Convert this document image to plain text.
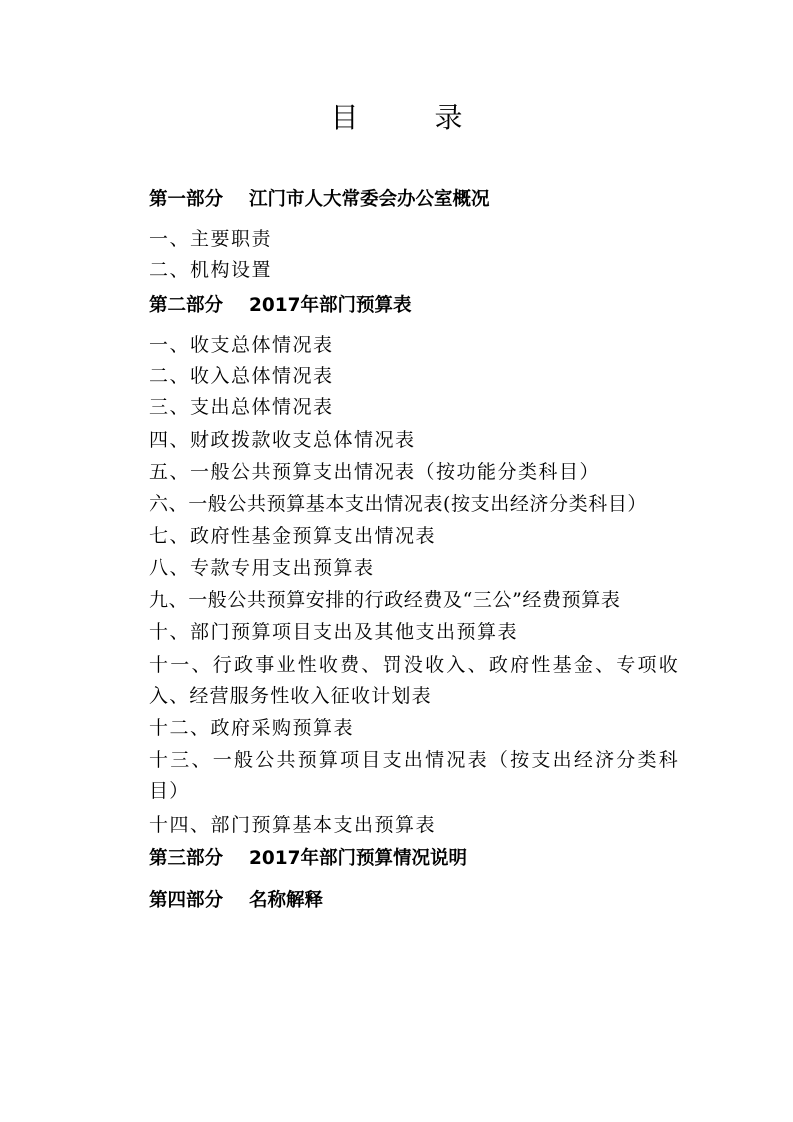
目　录
第一部分 江门市人大常委会办公室概况
一、主要职责
二、机构设置
第二部分 2017年部门预算表
一、收支总体情况表
二、收入总体情况表
三、支出总体情况表
四、财政拨款收支总体情况表
五、一般公共预算支出情况表（按功能分类科目）
六、一般公共预算基本支出情况表(按支出经济分类科目）
七、政府性基金预算支出情况表
八、专款专用支出预算表
九、一般公共预算安排的行政经费及“三公”经费预算表
十、部门预算项目支出及其他支出预算表
十一、行政事业性收费、罚没收入、政府性基金、专项收入、经营服务性收入征收计划表
十二、政府采购预算表
十三、一般公共预算项目支出情况表（按支出经济分类科目）
十四、部门预算基本支出预算表
第三部分 2017年部门预算情况说明
第四部分 名称解释
